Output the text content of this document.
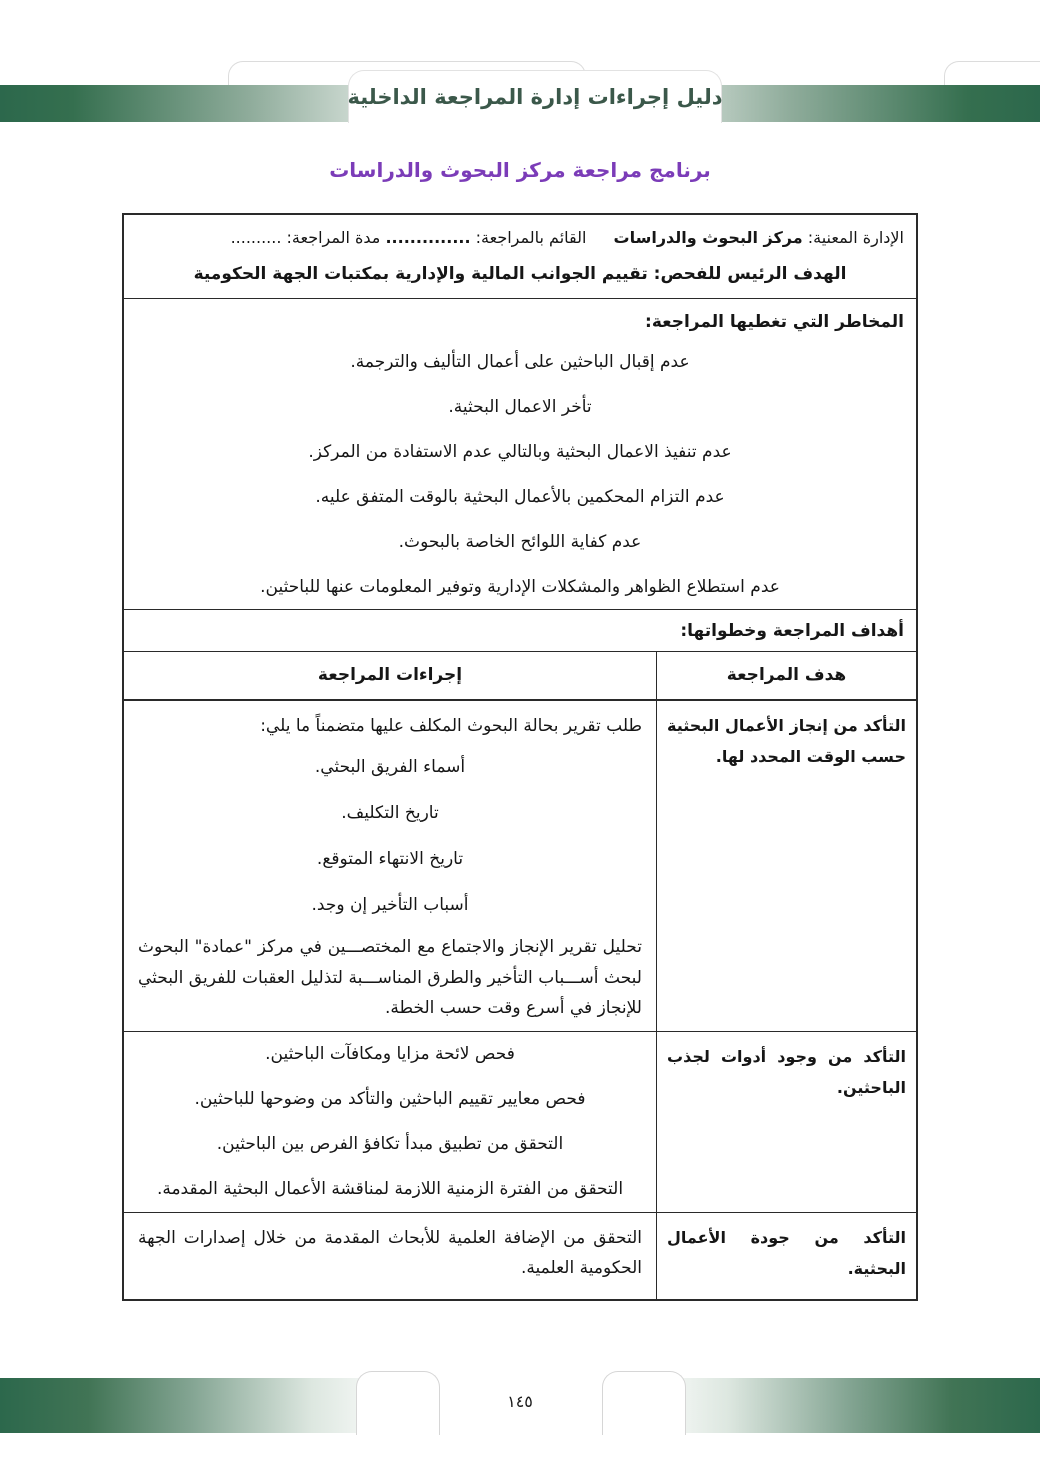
دليل إجراءات إدارة المراجعة الداخلية
برنامج مراجعة مركز البحوث والدراسات

الإدارة المعنية: مركز البحوث والدراسات القائم بالمراجعة: .............. مدة المراجعة: ..........

الهدف الرئيس للفحص: تقييم الجوانب المالية والإدارية بمكتبات الجهة الحكومية

المخاطر التي تغطيها المراجعة:

عدم إقبال الباحثين على أعمال التأليف والترجمة.

تأخر الاعمال البحثية.

عدم تنفيذ الاعمال البحثية وبالتالي عدم الاستفادة من المركز.

عدم التزام المحكمين بالأعمال البحثية بالوقت المتفق عليه.

عدم كفاية اللوائح الخاصة بالبحوث.

عدم استطلاع الظواهر والمشكلات الإدارية وتوفير المعلومات عنها للباحثين.

أهداف المراجعة وخطواتها:

هدف المراجعة
إجراءات المراجعة
التأكد من إنجاز الأعمال البحثية حسب الوقت المحدد لها.

طلب تقرير بحالة البحوث المكلف عليها متضمناً ما يلي:

أسماء الفريق البحثي.

تاريخ التكليف.

تاريخ الانتهاء المتوقع.

أسباب التأخير إن وجد.

تحليل تقرير الإنجاز والاجتماع مع المختصـــين في مركز "عمادة" البحوث لبحث أســـباب التأخير والطرق المناســـبة لتذليل العقبات للفريق البحثي للإنجاز في أسرع وقت حسب الخطة.

التأكد من وجود أدوات لجذب الباحثين.

فحص لائحة مزايا ومكافآت الباحثين.

فحص معايير تقييم الباحثين والتأكد من وضوحها للباحثين.

التحقق من تطبيق مبدأ تكافؤ الفرص بين الباحثين.

التحقق من الفترة الزمنية اللازمة لمناقشة الأعمال البحثية المقدمة.

التأكد من جودة الأعمال البحثية.

التحقق من الإضافة العلمية للأبحاث المقدمة من خلال إصدارات الجهة الحكومية العلمية.

١٤٥
